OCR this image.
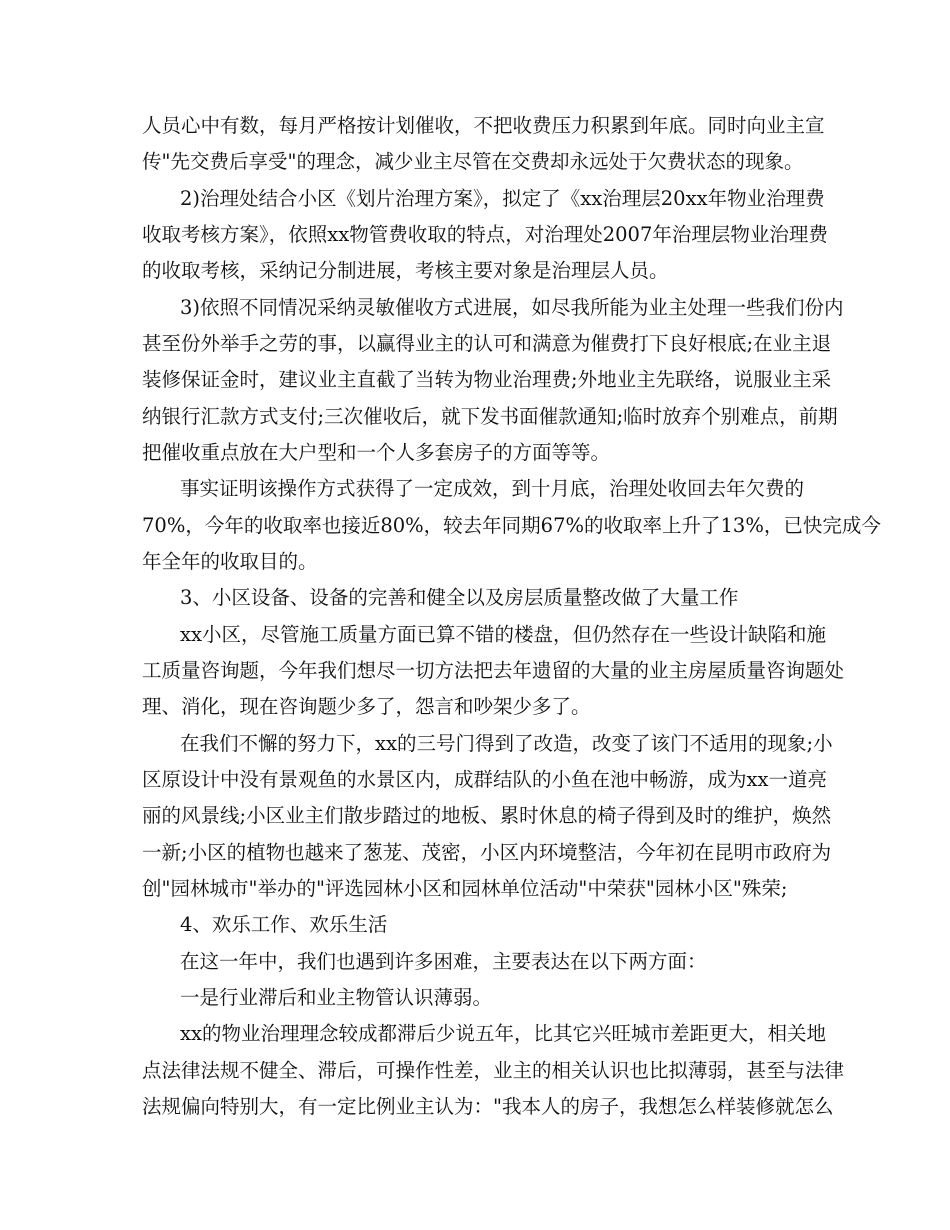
人员心中有数，每月严格按计划催收，不把收费压力积累到年底。同时向业主宣
传"先交费后享受"的理念，减少业主尽管在交费却永远处于欠费状态的现象。
2)治理处结合小区《划片治理方案》，拟定了《xx治理层20xx年物业治理费
收取考核方案》，依照xx物管费收取的特点，对治理处2007年治理层物业治理费
的收取考核，采纳记分制进展，考核主要对象是治理层人员。
3)依照不同情况采纳灵敏催收方式进展，如尽我所能为业主处理一些我们份内
甚至份外举手之劳的事，以赢得业主的认可和满意为催费打下良好根底;在业主退
装修保证金时，建议业主直截了当转为物业治理费;外地业主先联络，说服业主采
纳银行汇款方式支付;三次催收后，就下发书面催款通知;临时放弃个别难点，前期
把催收重点放在大户型和一个人多套房子的方面等等。
事实证明该操作方式获得了一定成效，到十月底，治理处收回去年欠费的
70%，今年的收取率也接近80%，较去年同期67%的收取率上升了13%，已快完成今
年全年的收取目的。
3、小区设备、设备的完善和健全以及房层质量整改做了大量工作
xx小区，尽管施工质量方面已算不错的楼盘，但仍然存在一些设计缺陷和施
工质量咨询题，今年我们想尽一切方法把去年遗留的大量的业主房屋质量咨询题处
理、消化，现在咨询题少多了，怨言和吵架少多了。
在我们不懈的努力下，xx的三号门得到了改造，改变了该门不适用的现象;小
区原设计中没有景观鱼的水景区内，成群结队的小鱼在池中畅游，成为xx一道亮
丽的风景线;小区业主们散步踏过的地板、累时休息的椅子得到及时的维护，焕然
一新;小区的植物也越来了葱茏、茂密，小区内环境整洁，今年初在昆明市政府为
创"园林城市"举办的"评选园林小区和园林单位活动"中荣获"园林小区"殊荣;
4、欢乐工作、欢乐生活
在这一年中，我们也遇到许多困难，主要表达在以下两方面：
一是行业滞后和业主物管认识薄弱。
xx的物业治理理念较成都滞后少说五年，比其它兴旺城市差距更大，相关地
点法律法规不健全、滞后，可操作性差，业主的相关认识也比拟薄弱，甚至与法律
法规偏向特别大，有一定比例业主认为："我本人的房子，我想怎么样装修就怎么
